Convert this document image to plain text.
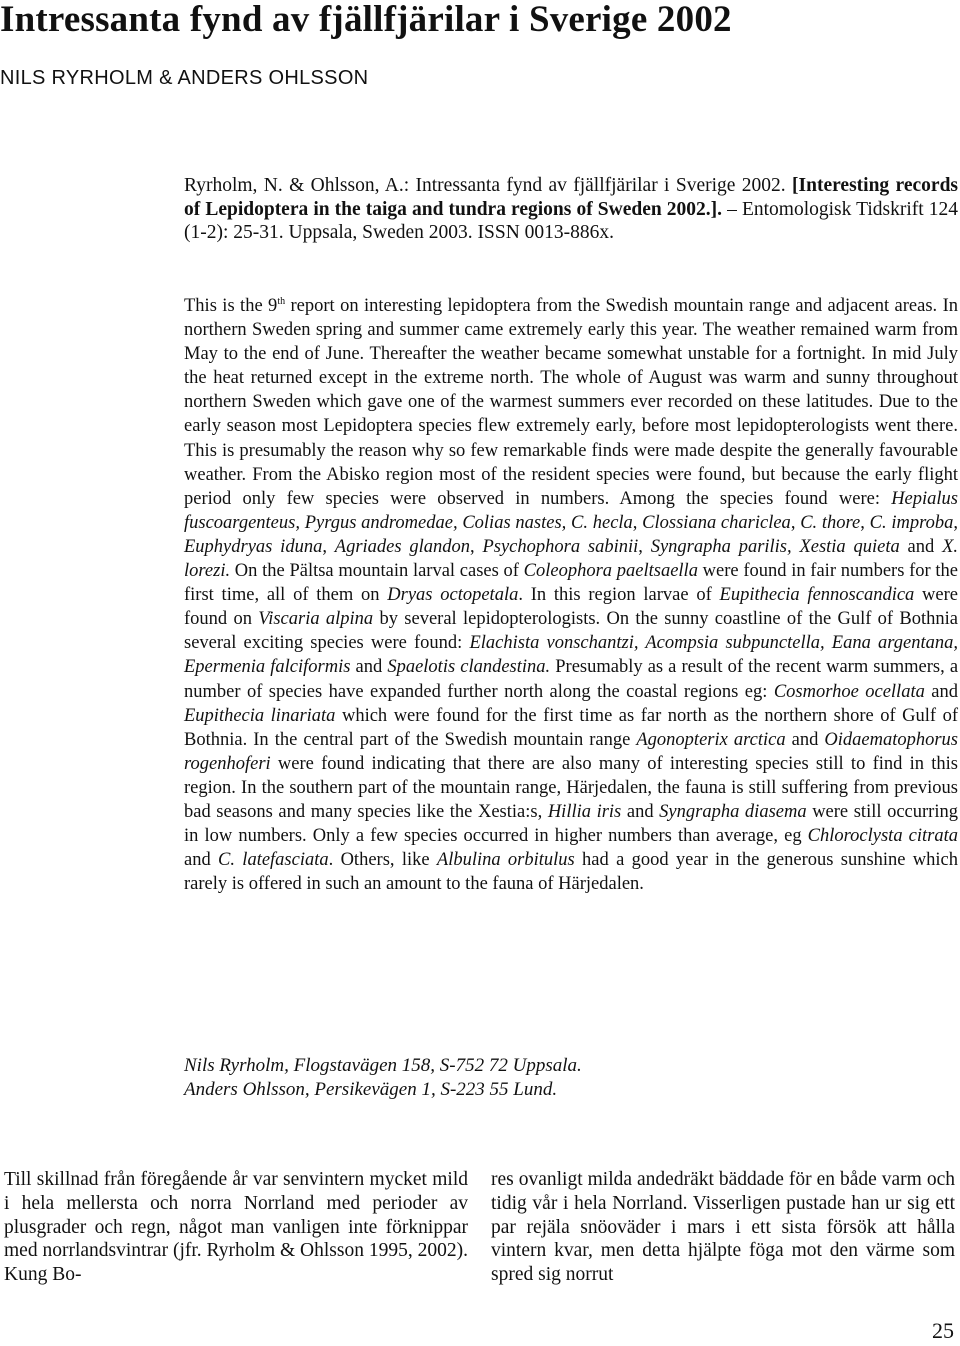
Intressanta fynd av fjällfjärilar i Sverige 2002
NILS RYRHOLM & ANDERS OHLSSON
Ryrholm, N. & Ohlsson, A.: Intressanta fynd av fjällfjärilar i Sverige 2002. [Interesting records of Lepidoptera in the taiga and tundra regions of Sweden 2002.]. – Entomologisk Tidskrift 124 (1-2): 25-31. Uppsala, Sweden 2003. ISSN 0013-886x.
This is the 9th report on interesting lepidoptera from the Swedish mountain range and adjacent areas. In northern Sweden spring and summer came extremely early this year. The weather remained warm from May to the end of June. Thereafter the weather became somewhat unstable for a fortnight. In mid July the heat returned except in the extreme north. The whole of August was warm and sunny throughout northern Sweden which gave one of the warmest summers ever recorded on these latitudes. Due to the early season most Lepidoptera species flew extremely early, before most lepidopterologists went there. This is presumably the reason why so few remarkable finds were made despite the generally favourable weather. From the Abisko region most of the resident species were found, but because the early flight period only few species were observed in numbers. Among the species found were: Hepialus fuscoargenteus, Pyrgus andromedae, Colias nastes, C. hecla, Clossiana chariclea, C. thore, C. improba, Euphydryas iduna, Agriades glandon, Psychophora sabinii, Syngrapha parilis, Xestia quieta and X. lorezi. On the Pältsa mountain larval cases of Coleophora paeltsaella were found in fair numbers for the first time, all of them on Dryas octopetala. In this region larvae of Eupithecia fennoscandica were found on Viscaria alpina by several lepidopterologists. On the sunny coastline of the Gulf of Bothnia several exciting species were found: Elachista vonschantzi, Acompsia subpunctella, Eana argentana, Epermenia falciformis and Spaelotis clandestina. Presumably as a result of the recent warm summers, a number of species have expanded further north along the coastal regions eg: Cosmorhoe ocellata and Eupithecia linariata which were found for the first time as far north as the northern shore of Gulf of Bothnia. In the central part of the Swedish mountain range Agonopterix arctica and Oidaematophorus rogenhoferi were found indicating that there are also many of interesting species still to find in this region. In the southern part of the mountain range, Härjedalen, the fauna is still suffering from previous bad seasons and many species like the Xestia:s, Hillia iris and Syngrapha diasema were still occurring in low numbers. Only a few species occurred in higher numbers than average, eg Chloroclysta citrata and C. latefasciata. Others, like Albulina orbitulus had a good year in the generous sunshine which rarely is offered in such an amount to the fauna of Härjedalen.
Nils Ryrholm, Flogstavägen 158, S-752 72 Uppsala.
Anders Ohlsson, Persikevägen 1, S-223 55 Lund.
Till skillnad från föregående år var senvintern mycket mild i hela mellersta och norra Norrland med perioder av plusgrader och regn, något man vanligen inte förknippar med norrlandsvintrar (jfr. Ryrholm & Ohlsson 1995, 2002). Kung Bo-
res ovanligt milda andedräkt bäddade för en både varm och tidig vår i hela Norrland. Visserligen pustade han ur sig ett par rejäla snöoväder i mars i ett sista försök att hålla vintern kvar, men detta hjälpte föga mot den värme som spred sig norrut
25
